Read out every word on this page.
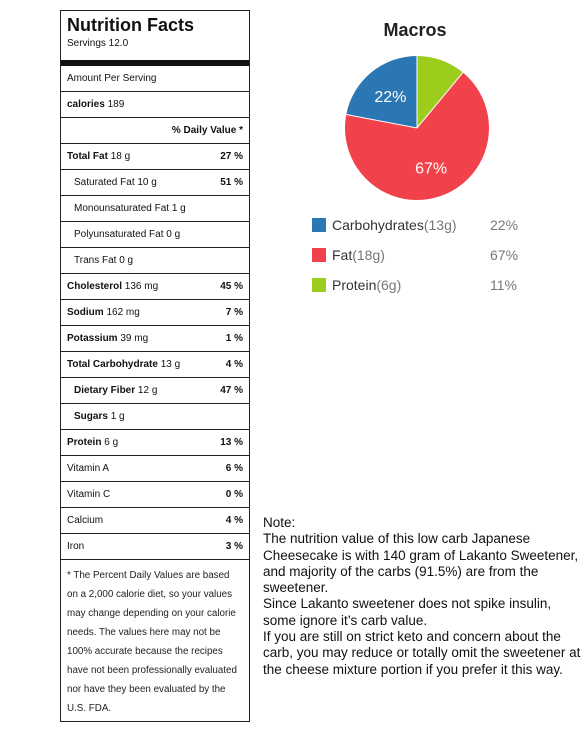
Nutrition Facts
Servings 12.0
Amount Per Serving
calories
189
% Daily Value *
Total Fat 18 g	27 %
Saturated Fat 10 g	51 %
Monounsaturated Fat 1 g
Polyunsaturated Fat 0 g
Trans Fat 0 g
Cholesterol 136 mg	45 %
Sodium 162 mg	7 %
Potassium 39 mg	1 %
Total Carbohydrate 13 g	4 %
Dietary Fiber 12 g	47 %
Sugars 1 g
Protein 6 g	13 %
Vitamin A	6 %
Vitamin C	0 %
Calcium	4 %
Iron	3 %
* The Percent Daily Values are based on a 2,000 calorie diet, so your values may change depending on your calorie needs. The values here may not be 100% accurate because the recipes have not been professionally evaluated nor have they been evaluated by the U.S. FDA.
Macros
67%
22%
Carbohydrates (13g) 22%
Fat (18g)	67%
Protein (6g)	11%

Note:

The nutrition value of this low carb Japanese Cheesecake is with 140 gram of Lakanto Sweetener, and majority of the carbs (91.5%) are from the sweetener.

Since Lakanto sweetener does not spike insulin, some ignore it’s carb value.

If you are still on strict keto and concern about the carb, you may reduce or totally omit the sweetener at the cheese mixture portion if you prefer it this way.
